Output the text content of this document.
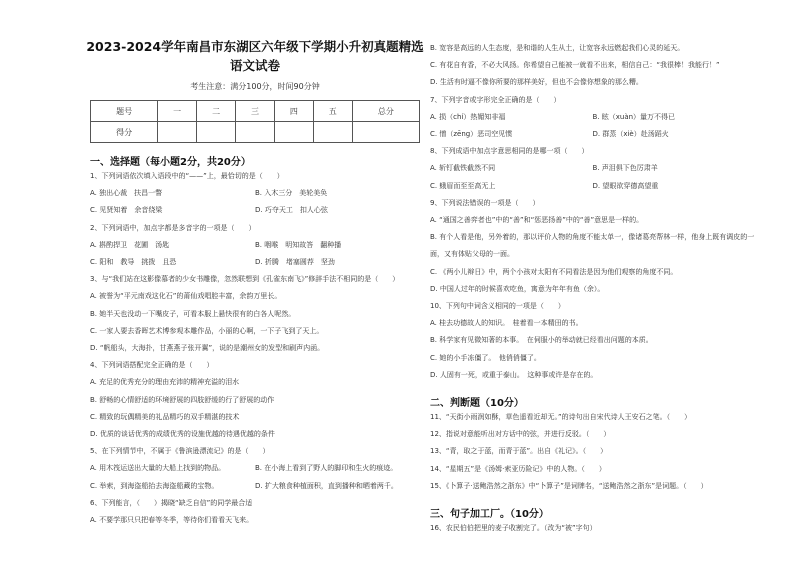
2023-2024学年南昌市东湖区六年级下学期小升初真题精选
语文试卷
考生注意：满分100分，时间90分钟
题号	一	二	三	四	五	总分
得分						
一、选择题（每小题2分，共20分）
1、下列词语依次填入语段中的“——”上，最恰切的是（　　）
A. 独出心裁　扶昌一瞥	B. 入木三分　美轮美奂
C. 见贤知着　余音绕梁	D. 巧夺天工　扣人心弦
2、下列词语中，加点字都是多音字的一项是（　　）
A. 斟酌捍卫　花圃　汤匙	B. 咽喉　明知故答　翻种播
C. 阳和　教导　挑拨　且恐	D. 折腾　堵塞圆荐　坚劲
3、与“我们站在这影像慕者的少女书雕像，忽然联想到《孔雀东南飞》”修辞手法不相同的是（　　）
A. 被誉为“平元南戏这化石”的莆仙戏唱腔丰富，余韵万里长。
B. 她半天也没动一下嘴皮子，可看本服上悬快很有的白各人呢然。
C. 一家人要去香晖艺术博参观本雕作品，小丽的心啊，一下子飞到了天上。
D. “帆船头，大海扑，甘燕燕子张开翼”，说的是潮州女的发型和刷声内函。
4、下列词语搭配完全正确的是（　　）
A. 充足的优秀充分的理由充沛的精神充溢的泪水
B. 舒畅的心情舒适的环境舒展的四肢舒缓的行了舒展的动作
C. 精致的玩偶精美的礼品精巧的双手精湛的技术
D. 优质的谈话优秀的成绩优秀的设施优越的待遇优越的条件
5、在下列情节中，不属于《鲁滨逊漂流记》的是（　　）
A. 用木筏运送出大量的大船上找到的物品。	B. 在小海上看到了野人的脚印和生火的痕迹。
C. 举索，到海盗船抬去海盗船藏的宝物。	D. 扩大粮食种植面积，直到播种和晒着两千。
6、下列能言，（　　）揭晓“缺乏自信”的同学最合适
A. 不要学那只只把春等冬季，等待你们看看天飞来。
B. 宽容是高远的人生态度，是和谐的人生从土，让宽容永远燃起我们心灵的延天。
C. 有花自有香，不必大风扬。你希望自己能被一就看不出来，相信自己：“我很棒！我能行！”
D. 生活有时逼不像你所要的那样美好，但也不会像你想象的那么糟。
7、下列字音或字形完全正确的是（　　）
A. 损（chí）热媚知非福	B. 眩（xuàn）量万不得已
C. 憎（zēng）恶司空见惯	D. 群蒸（xiè）赴汤蹈火
8、下列成语中加点字意思相同的是哪一项（　　）
A. 斩钉截铁截然不同	B. 声泪俱下色厉肃羊
C. 蛾眉而至至高无上	D. 望眼欲穿德高望重
9、下列说法错误的一项是（　　）
A. “通国之善弈者也”中的“善”和“惩恶扬善”中的“善”意思是一样的。
B. 有个人看是他，另外着的，那以评价人物的角度不能太单一，像诸葛亮帮林一样，他身上既有调皮的一
面，又有体贴父母的一面。
C. 《两小儿辩日》中，两个小孩对太阳有不同看法是因为他们观察的角度不同。
D. 中国人过年的时候喜欢吃鱼，寓意为年年有鱼（余）。
10、下列句中词含义相同的一项是（　　）
A. 桂去功德故人的知识。　桂着看一本精田的书。
B. 科学家有见微知著的本事。　在伺服小的举动就已经看出问题的本质。
C. 她的小手冻僵了。　他俏俏僵了。
D. 人固有一死，或重于泰山。　这种事或许是存在的。
二、判断题（10分）
11、“天街小雨润如酥，草色遥看近却无。”的诗句出自宋代诗人王安石之笔。（　　）
12、指说对意能听出对方话中的弦，并进行反驳。（　　）
13、“青，取之于蓝，而青于蓝”。出自《礼记》。（　　）
14、“星期五”是《汤姆·索亚历险记》中的人物。（　　）
15、《卜算子·送鲍浩然之浙东》中“卜算子”是词牌名，“送鲍浩然之浙东”是词题。（　　）
三、句子加工厂。（10分）
16、农民伯伯把里的麦子收割完了。（改为“被”字句）
